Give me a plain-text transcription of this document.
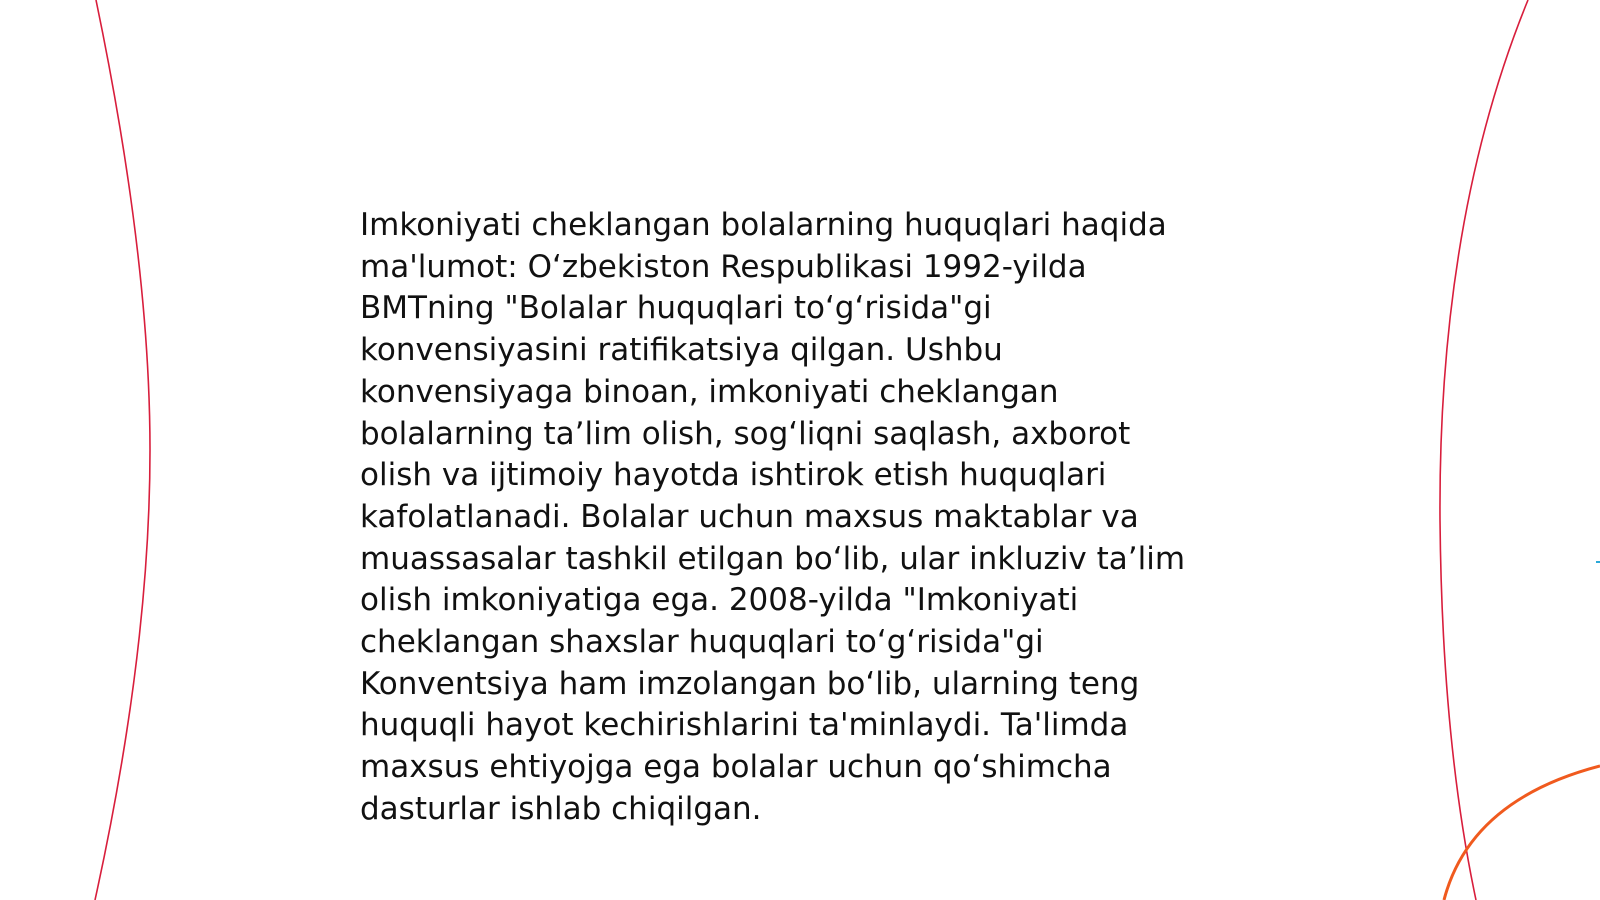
Imkoniyati cheklangan bolalarning huquqlari haqida
ma'lumot: O‘zbekiston Respublikasi 1992-yilda
BMTning "Bolalar huquqlari to‘g‘risida"gi
konvensiyasini ratifikatsiya qilgan. Ushbu
konvensiyaga binoan, imkoniyati cheklangan
bolalarning ta’lim olish, sog‘liqni saqlash, axborot
olish va ijtimoiy hayotda ishtirok etish huquqlari
kafolatlanadi. Bolalar uchun maxsus maktablar va
muassasalar tashkil etilgan bo‘lib, ular inkluziv ta’lim
olish imkoniyatiga ega. 2008-yilda "Imkoniyati
cheklangan shaxslar huquqlari to‘g‘risida"gi
Konventsiya ham imzolangan bo‘lib, ularning teng
huquqli hayot kechirishlarini ta'minlaydi. Ta'limda
maxsus ehtiyojga ega bolalar uchun qo‘shimcha
dasturlar ishlab chiqilgan.
